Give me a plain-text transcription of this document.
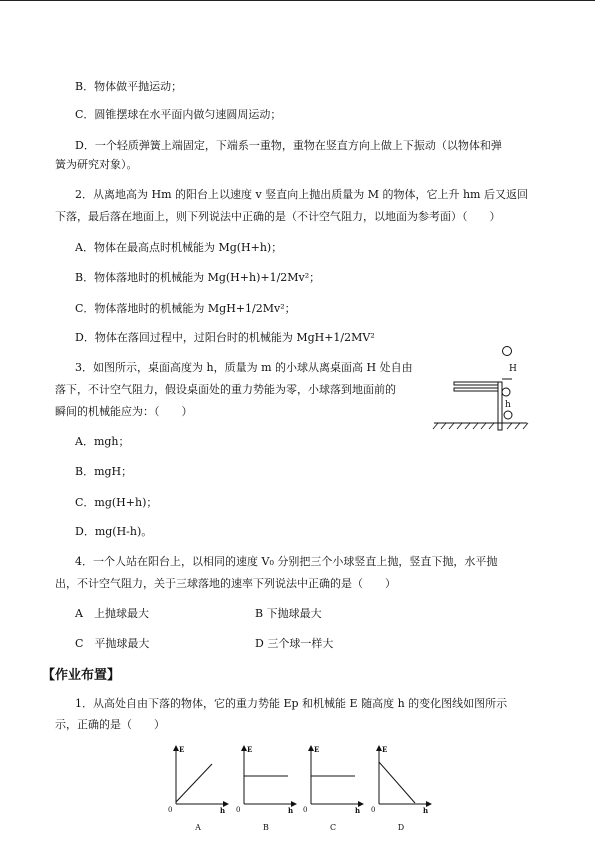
B．物体做平抛运动；
C．圆锥摆球在水平面内做匀速圆周运动；
D．一个轻质弹簧上端固定，下端系一重物，重物在竖直方向上做上下振动（以物体和弹
簧为研究对象）。
2．从离地高为 Hm 的阳台上以速度 v 竖直向上抛出质量为 M 的物体，它上升 hm 后又返回
下落，最后落在地面上，则下列说法中正确的是（不计空气阻力，以地面为参考面）（　　）
A．物体在最高点时机械能为 Mg(H+h)；
B．物体落地时的机械能为 Mg(H+h)+1/2Mv²；
C．物体落地时的机械能为 MgH+1/2Mv²；
D．物体在落回过程中，过阳台时的机械能为 MgH+1/2MV²
3．如图所示，桌面高度为 h，质量为 m 的小球从离桌面高 H 处自由
落下，不计空气阻力，假设桌面处的重力势能为零，小球落到地面前的
瞬间的机械能应为：（　　）
A．mgh；
B．mgH；
C．mg(H+h)；
D．mg(H-h)。
4．一个人站在阳台上，以相同的速度 V₀ 分别把三个小球竖直上抛，竖直下抛，水平抛
出，不计空气阻力，关于三球落地的速率下列说法中正确的是（　　）
A　上抛球最大	B 下抛球最大
C　平抛球最大	D 三个球一样大
【作业布置】
1．从高处自由下落的物体，它的重力势能 Ep 和机械能 E 随高度 h 的变化图线如图所示
示，正确的是（　　）
H
h
E
0	h
A
E
0	h
B
E
0	h
C
E
0	h
D
